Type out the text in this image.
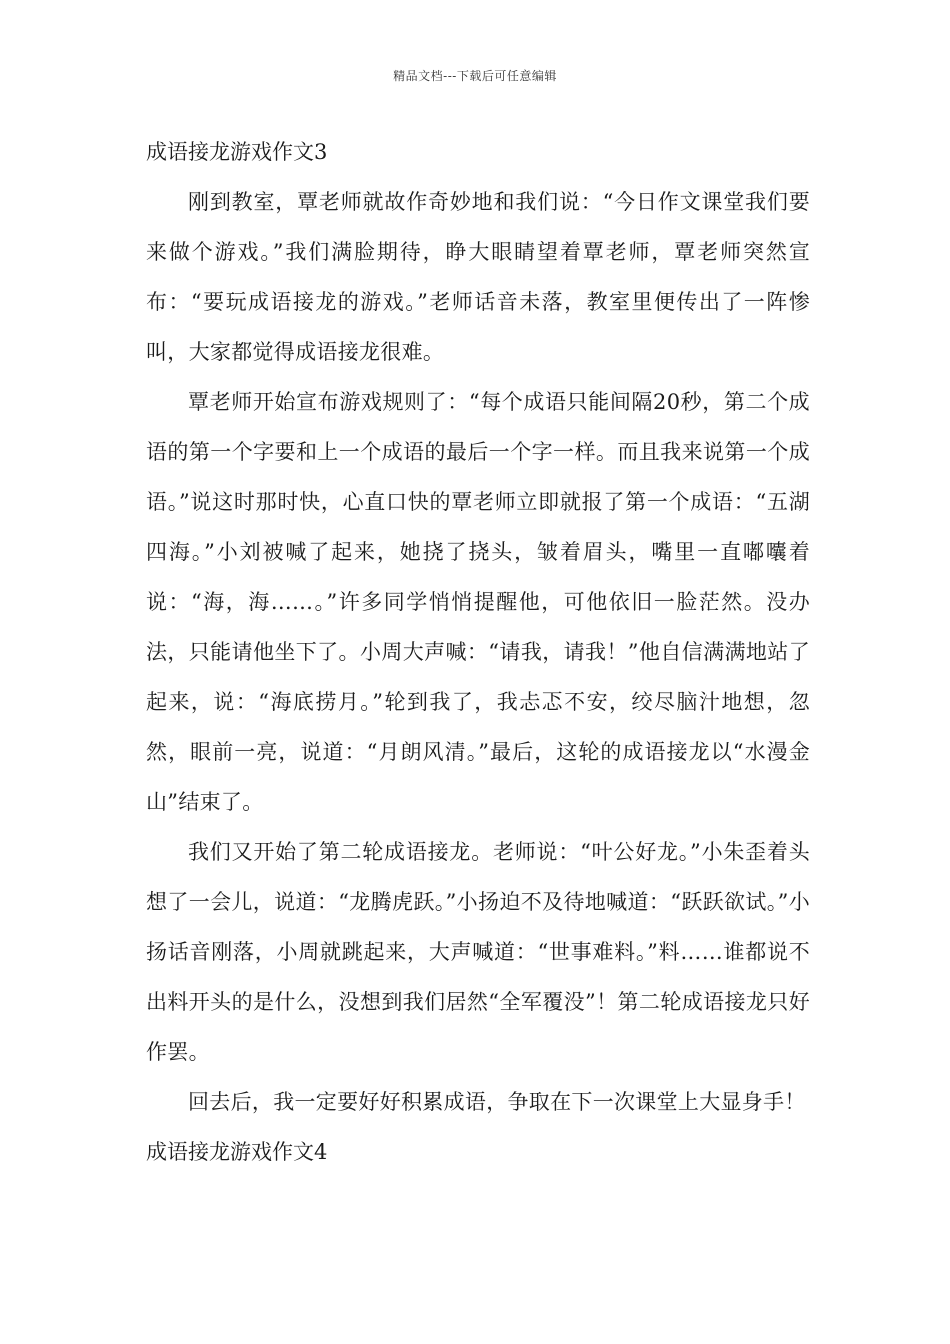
精品文档---下载后可任意编辑
成语接龙游戏作文3

刚到教室，覃老师就故作奇妙地和我们说：“今日作文课堂我们要来做个游戏。”我们满脸期待，睁大眼睛望着覃老师，覃老师突然宣布：“要玩成语接龙的游戏。”老师话音未落，教室里便传出了一阵惨叫，大家都觉得成语接龙很难。

覃老师开始宣布游戏规则了：“每个成语只能间隔20秒，第二个成语的第一个字要和上一个成语的最后一个字一样。而且我来说第一个成语。”说这时那时快，心直口快的覃老师立即就报了第一个成语：“五湖四海。”小刘被喊了起来，她挠了挠头，皱着眉头，嘴里一直嘟囔着说：“海，海……。”许多同学悄悄提醒他，可他依旧一脸茫然。没办法，只能请他坐下了。小周大声喊：“请我，请我！”他自信满满地站了起来，说：“海底捞月。”轮到我了，我忐忑不安，绞尽脑汁地想，忽然，眼前一亮，说道：“月朗风清。”最后，这轮的成语接龙以“水漫金山”结束了。

我们又开始了第二轮成语接龙。老师说：“叶公好龙。”小朱歪着头想了一会儿，说道：“龙腾虎跃。”小扬迫不及待地喊道：“跃跃欲试。”小扬话音刚落，小周就跳起来，大声喊道：“世事难料。”料……谁都说不出料开头的是什么，没想到我们居然“全军覆没”！第二轮成语接龙只好作罢。

回去后，我一定要好好积累成语，争取在下一次课堂上大显身手！

成语接龙游戏作文4
